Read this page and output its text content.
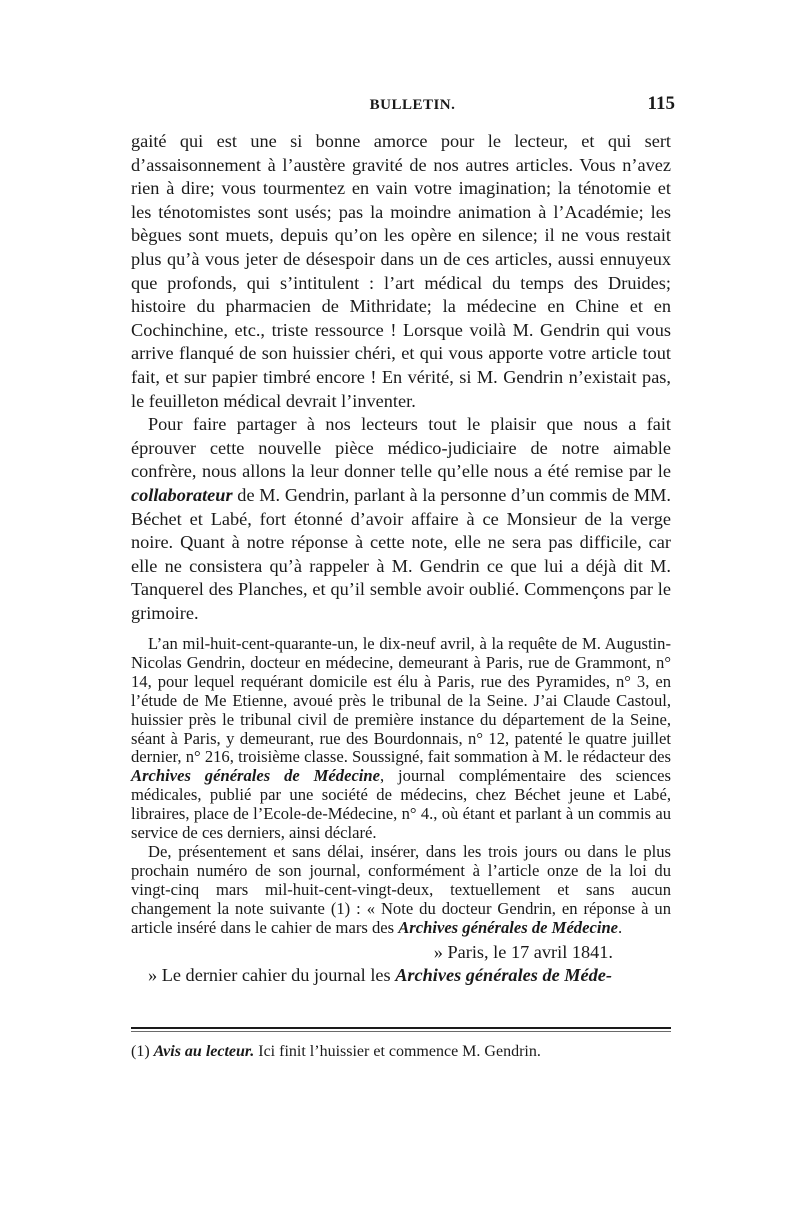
BULLETIN.	115

gaité qui est une si bonne amorce pour le lecteur, et qui sert d’assaisonnement à l’austère gravité de nos autres articles. Vous n’avez rien à dire; vous tourmentez en vain votre imagination; la ténotomie et les ténotomistes sont usés; pas la moindre animation à l’Académie; les bègues sont muets, depuis qu’on les opère en silence; il ne vous restait plus qu’à vous jeter de désespoir dans un de ces articles, aussi ennuyeux que profonds, qui s’intitulent : l’art médical du temps des Druides; histoire du pharmacien de Mithridate; la médecine en Chine et en Cochinchine, etc., triste ressource ! Lorsque voilà M. Gendrin qui vous arrive flanqué de son huissier chéri, et qui vous apporte votre article tout fait, et sur papier timbré encore ! En vérité, si M. Gendrin n’existait pas, le feuilleton médical devrait l’inventer.

Pour faire partager à nos lecteurs tout le plaisir que nous a fait éprouver cette nouvelle pièce médico-judiciaire de notre aimable confrère, nous allons la leur donner telle qu’elle nous a été remise par le collaborateur de M. Gendrin, parlant à la personne d’un commis de MM. Béchet et Labé, fort étonné d’avoir affaire à ce Monsieur de la verge noire. Quant à notre réponse à cette note, elle ne sera pas difficile, car elle ne consistera qu’à rappeler à M. Gendrin ce que lui a déjà dit M. Tanquerel des Planches, et qu’il semble avoir oublié. Commençons par le grimoire.

L’an mil-huit-cent-quarante-un, le dix-neuf avril, à la requête de M. Augustin-Nicolas Gendrin, docteur en médecine, demeurant à Paris, rue de Grammont, n° 14, pour lequel requérant domicile est élu à Paris, rue des Pyramides, n° 3, en l’étude de Me Etienne, avoué près le tribunal de la Seine. J’ai Claude Castoul, huissier près le tribunal civil de première instance du département de la Seine, séant à Paris, y demeurant, rue des Bourdonnais, n° 12, patenté le quatre juillet dernier, n° 216, troisième classe. Soussigné, fait sommation à M. le rédacteur des Archives générales de Médecine, journal complémentaire des sciences médicales, publié par une société de médecins, chez Béchet jeune et Labé, libraires, place de l’Ecole-de-Médecine, n° 4., où étant et parlant à un commis au service de ces derniers, ainsi déclaré.

De, présentement et sans délai, insérer, dans les trois jours ou dans le plus prochain numéro de son journal, conformément à l’article onze de la loi du vingt-cinq mars mil-huit-cent-vingt-deux, textuellement et sans aucun changement la note suivante (1) : « Note du docteur Gendrin, en réponse à un article inséré dans le cahier de mars des Archives générales de Médecine.

» Paris, le 17 avril 1841.

» Le dernier cahier du journal les Archives générales de Méde-

(1) Avis au lecteur. Ici finit l’huissier et commence M. Gendrin.
